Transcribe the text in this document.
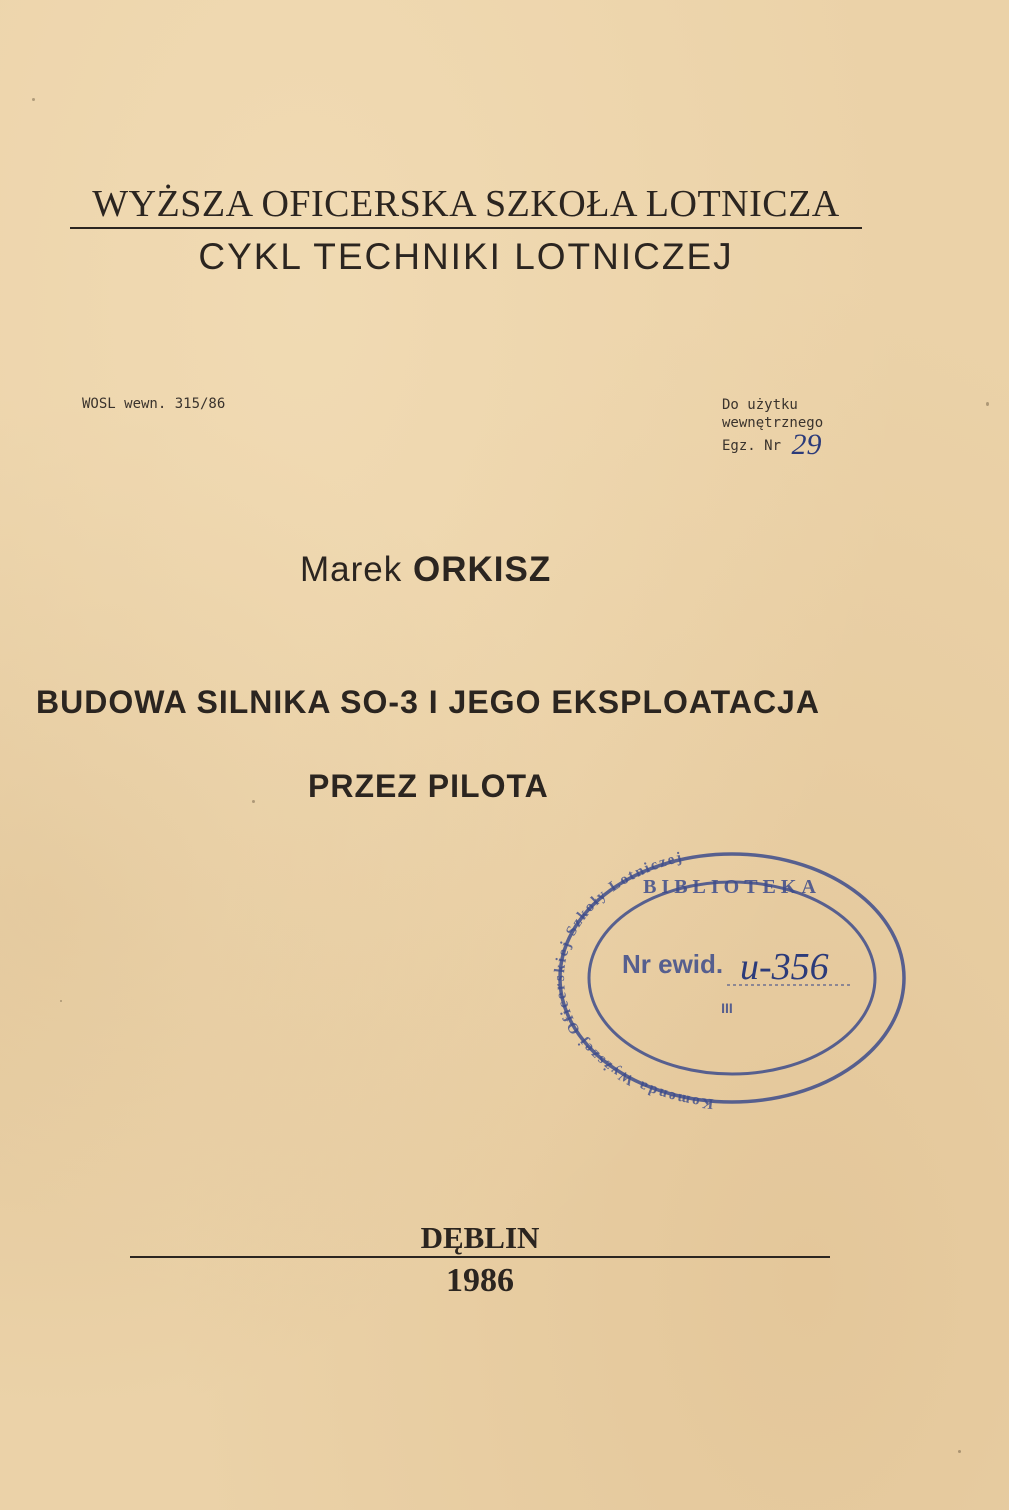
WYŻSZA OFICERSKA SZKOŁA LOTNICZA
CYKL TECHNIKI LOTNICZEJ
WOSL wewn. 315/86	Do użytku
wewnętrznego
Egz. Nr 29
Marek ORKISZ
BUDOWA SILNIKA SO-3 I JEGO EKSPLOATACJA
PRZEZ PILOTA
BIBLIOTEKA
Komenda Wyższej Oficerskiej Szkoły Lotniczej
Nr ewid. u-356
III
DĘBLIN
1986
